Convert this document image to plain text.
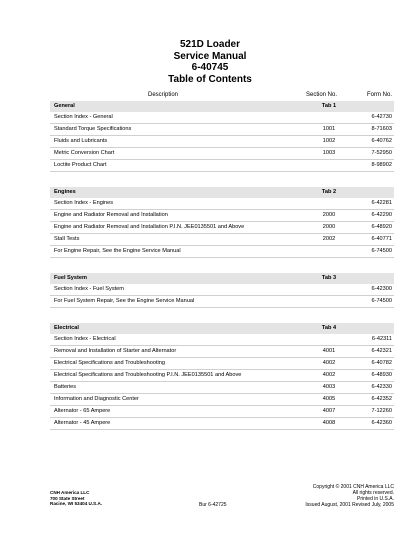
521D Loader
Service Manual
6-40745
Table of Contents
Description	Section No.	Form No.
General	Tab 1
Section Index - General	6-42730
Standard Torque Specifications	1001	8-71603
Fluids and Lubricants	1002	6-40762
Metric Conversion Chart	1003	7-52950
Loctite Product Chart	8-98902
Engines	Tab 2
Section Index - Engines	6-42281
Engine and Radiator Removal and Installation	2000	6-42290
Engine and Radiator Removal and Installation P.I.N. JEE0135501 and Above	2000	6-48920
Stall Tests	2002	6-40771
For Engine Repair, See the Engine Service Manual	6-74500
Fuel System	Tab 3
Section Index - Fuel System	6-42300
For Fuel System Repair, See the Engine Service Manual	6-74500
Electrical	Tab 4
Section Index - Electrical	6-42311
Removal and Installation of Starter and Alternator	4001	6-42321
Electrical Specifications and Troubleshooting	4002	6-40782
Electrical Specifications and Troubleshooting P.I.N. JEE0135501 and Above	4002	6-48930
Batteries	4003	6-42330
Information and Diagnostic Center	4005	6-42352
Alternator - 65 Ampere	4007	7-12260
Alternator - 45 Ampere	4008	6-42360
CNH America LLC
700 State Street
Racine, WI 53404 U.S.A.	Bur 6-42725
Copyright © 2001 CNH America LLC
All rights reserved.
Printed in U.S.A.
Issued August, 2001 Revised July, 2005
